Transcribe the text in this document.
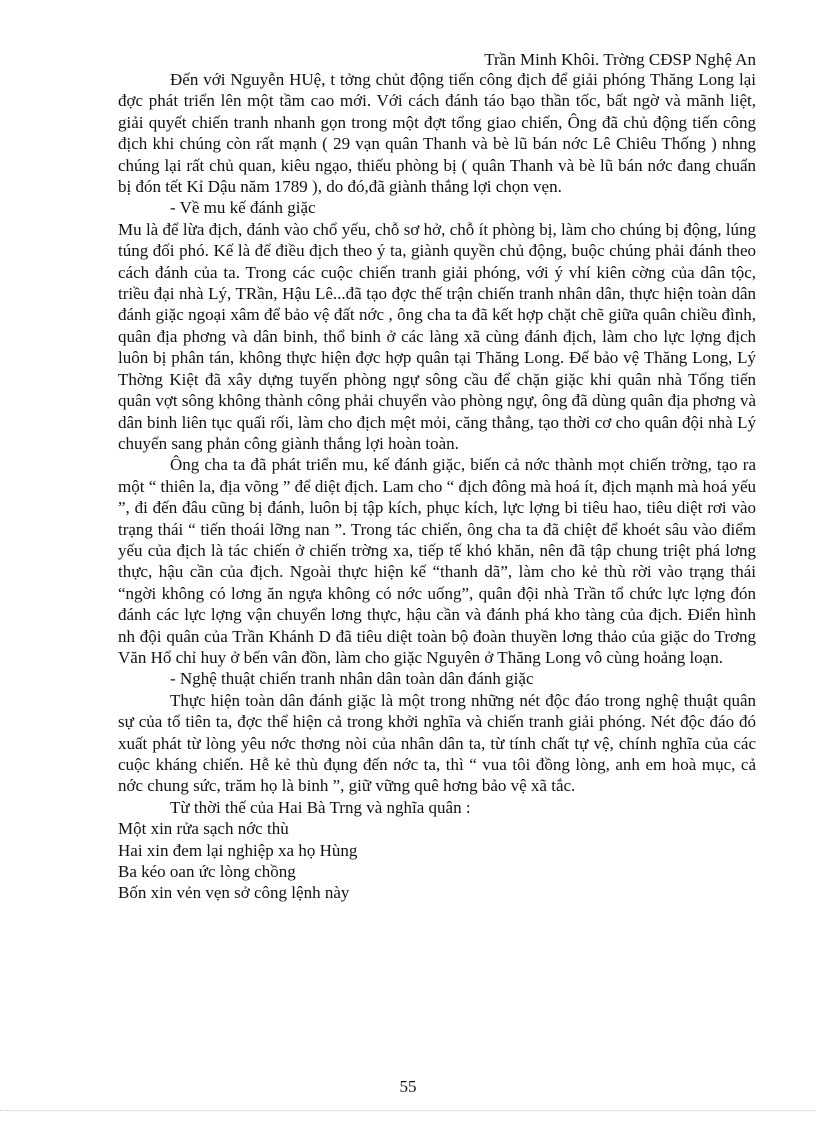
Trần Minh Khôi. Trờng CĐSP Nghệ An

Đến với Nguyễn HUệ, t tởng chủt động tiến công địch để giải phóng Thăng Long lại đợc phát triển lên một tầm cao mới. Với cách đánh táo bạo thần tốc, bất ngờ và mãnh liệt, giải quyết chiến tranh nhanh gọn trong một đợt tổng giao chiến, Ông đã chủ động tiến công địch khi chúng còn rất mạnh ( 29 vạn quân Thanh và bè lũ bán nớc Lê Chiêu Thống ) nhng chúng lại rất chủ quan, kiêu ngạo, thiếu phòng bị ( quân Thanh và bè lũ bán nớc đang chuẩn bị đón tết Kỉ Dậu năm 1789 ), do đó,đã giành thắng lợi chọn vẹn.

- Về mu kế đánh giặc

Mu là để lừa địch, đánh vào chổ yếu, chỗ sơ hở, chỗ ít phòng bị, làm cho chúng bị động, lúng túng đối phó. Kế là để điều địch theo ý ta, giành quyền chủ động, buộc chúng phải đánh theo cách đánh của ta. Trong các cuộc chiến tranh giải phóng, với ý vhí kiên cờng của dân tộc, triều đại nhà Lý, TRần, Hậu Lê...đã tạo đợc thế trận chiến tranh nhân dân, thực hiện toàn dân đánh giặc ngoại xâm để bảo vệ đất nớc , ông cha ta đã kết hợp chặt chẽ giữa quân chiều đình, quân địa phơng và dân binh, thổ binh ở các làng xã cùng đánh địch, làm cho lực lợng địch luôn bị phân tán, không thực hiện đợc hợp quân tại Thăng Long. Để bảo vệ Thăng Long, Lý Thờng Kiệt đã xây dựng tuyến phòng ngự sông cầu để chặn giặc khi quân nhà Tống tiến quân vợt sông không thành công phải chuyển vào phòng ngự, ông đã dùng quân địa phơng và dân binh liên tục quấi rối, làm cho địch mệt mỏi, căng thẳng, tạo thời cơ cho quân đội nhà Lý chuyển sang phản công giành thắng lợi hoàn toàn.

Ông cha ta đã phát triển mu, kế đánh giặc, biến cả nớc thành mọt chiến trờng, tạo ra một “ thiên la, địa võng ” để diệt địch. Lam cho “ địch đông mà hoá ít, địch mạnh mà hoá yếu ”, đi đến đâu cũng bị đánh, luôn bị tập kích, phục kích, lực lợng bi tiêu hao, tiêu diệt rơi vào trạng thái “ tiến thoái lỡng nan ”. Trong tác chiến, ông cha ta đã chiệt để khoét sâu vào điểm yếu của địch là tác chiến ở chiến trờng xa, tiếp tế khó khăn, nên đã tập chung triệt phá lơng thực, hậu cần của địch. Ngoài thực hiện kế “thanh dã”, làm cho kẻ thù rời vào trạng thái “ngời không có lơng ăn ngựa không có nớc uống”, quân đội nhà Trần tổ chức lực lợng đón đánh các lực lợng vận chuyển lơng thực, hậu cần và đánh phá kho tàng của địch. Điển hình nh đội quân của Trần Khánh D đã tiêu diệt toàn bộ đoàn thuyền lơng thảo của giặc do Trơng Văn Hổ chỉ huy ở bến vân đồn, làm cho giặc Nguyên ở Thăng Long vô cùng hoảng loạn.

- Nghệ thuật chiến tranh nhân dân toàn dân đánh giặc

Thực hiện toàn dân đánh giặc là một trong những nét độc đáo trong nghệ thuật quân sự của tổ tiên ta, đợc thể hiện cả trong khởi nghĩa và chiến tranh giải phóng. Nét độc đáo đó xuất phát từ lòng yêu nớc thơng nòi của nhân dân ta, từ tính chất tự vệ, chính nghĩa của các cuộc kháng chiến. Hễ kẻ thù đụng đến nớc ta, thì “ vua tôi đồng lòng, anh em hoà mục, cả nớc chung sức, trăm họ là binh ”, giữ vững quê hơng bảo vệ xã tắc.

Từ thời thế của Hai Bà Trng và nghĩa quân :

Một xin rửa sạch nớc thù

Hai xin đem lại nghiệp xa họ Hùng

Ba kéo oan ức lòng chồng

Bốn xin vẻn vẹn sở công lệnh này

55
